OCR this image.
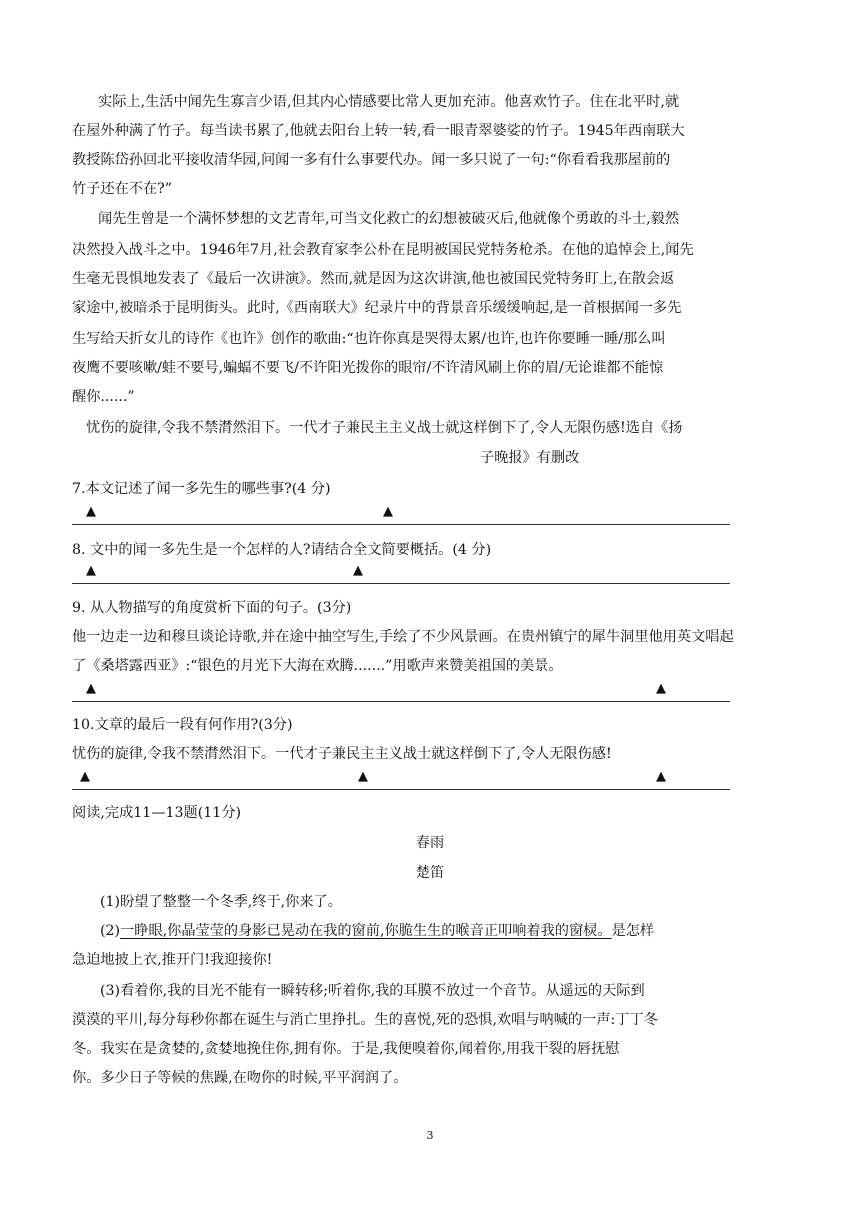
实际上,生活中闻先生寡言少语,但其内心情感要比常人更加充沛。他喜欢竹子。住在北平时,就
在屋外种满了竹子。每当读书累了,他就去阳台上转一转,看一眼青翠婆娑的竹子。1945年西南联大
教授陈岱孙回北平接收清华园,问闻一多有什么事要代办。闻一多只说了一句:“你看看我那屋前的
竹子还在不在?”
闻先生曾是一个满怀梦想的文艺青年,可当文化救亡的幻想被破灭后,他就像个勇敢的斗士,毅然
决然投入战斗之中。1946年7月,社会教育家李公朴在昆明被国民党特务枪杀。在他的追悼会上,闻先
生毫无畏惧地发表了《最后一次讲演》。然而,就是因为这次讲演,他也被国民党特务盯上,在散会返
家途中,被暗杀于昆明街头。此时,《西南联大》纪录片中的背景音乐缓缓响起,是一首根据闻一多先
生写给天折女儿的诗作《也许》创作的歌曲:“也许你真是哭得太累/也许,也许你要睡一睡/那么叫
夜鹰不要咳嗽/蛙不要号,蝙蝠不要飞/不许阳光拨你的眼帘/不许清风刷上你的眉/无论谁都不能惊
醒你......”
忧伤的旋律,令我不禁潸然泪下。一代才子兼民主主义战士就这样倒下了,令人无限伤感!选自《扬
子晚报》有删改
7.本文记述了闻一多先生的哪些事?(4 分)
▲	▲
8. 文中的闻一多先生是一个怎样的人?请结合全文简要概括。(4 分)
▲	▲
9. 从人物描写的角度赏析下面的句子。(3分)
他一边走一边和穆旦谈论诗歌,并在途中抽空写生,手绘了不少风景画。在贵州镇宁的犀牛洞里他用英文唱起
了《桑塔露西亚》:“银色的月光下大海在欢腾.......”用歌声来赞美祖国的美景。
▲	▲
10.文章的最后一段有何作用?(3分)
忧伤的旋律,令我不禁潸然泪下。一代才子兼民主主义战士就这样倒下了,令人无限伤感!
▲	▲	▲
阅读,完成11—13题(11分)
春雨
楚笛
(1)盼望了整整一个冬季,终于,你来了。
(2)一睁眼,你晶莹莹的身影已晃动在我的窗前,你脆生生的喉音正叩响着我的窗棂。是怎样
急迫地披上衣,推开门!我迎接你!
(3)看着你,我的目光不能有一瞬转移;听着你,我的耳膜不放过一个音节。从遥远的天际到
漠漠的平川,每分每秒你都在诞生与消亡里挣扎。生的喜悦,死的恐惧,欢唱与呐喊的一声:丁丁冬
冬。我实在是贪婪的,贪婪地挽住你,拥有你。于是,我便嗅着你,闻着你,用我干裂的唇抚慰
你。多少日子等候的焦躁,在吻你的时候,平平润润了。
3
